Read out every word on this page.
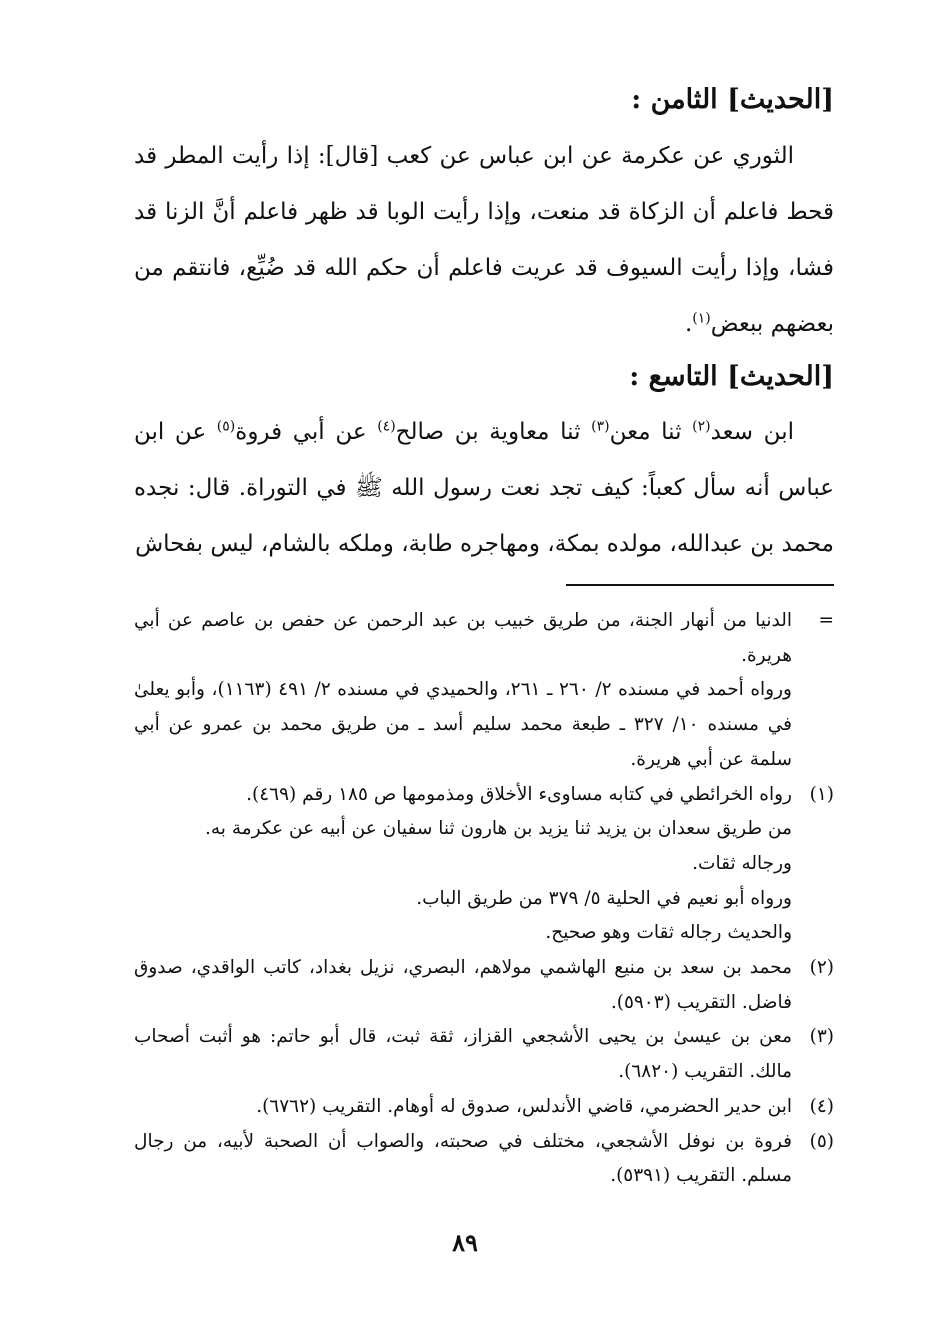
[الحديث] الثامن :

الثوري عن عكرمة عن ابن عباس عن كعب [قال]: إذا رأيت المطر قد قحط فاعلم أن الزكاة قد منعت، وإذا رأيت الوبا قد ظهر فاعلم أنَّ الزنا قد فشا، وإذا رأيت السيوف قد عريت فاعلم أن حكم الله قد ضُيِّع، فانتقم من بعضهم ببعض$^{(١)}$.

[الحديث] التاسع :

ابن سعد$^{(٢)}$ ثنا معن$^{(٣)}$ ثنا معاوية بن صالح$^{(٤)}$ عن أبي فروة$^{(٥)}$ عن ابن عباس أنه سأل كعباً: كيف تجد نعت رسول الله ﷺ في التوراة. قال: نجده محمد بن عبدالله، مولده بمكة، ومهاجره طابة، وملكه بالشام، ليس بفحاش

=
الدنيا من أنهار الجنة، من طريق خبيب بن عبد الرحمن عن حفص بن عاصم عن أبي هريرة.
ورواه أحمد في مسنده ٢/ ٢٦٠ ـ ٢٦١، والحميدي في مسنده ٢/ ٤٩١ (١١٦٣)، وأبو يعلىٰ في مسنده ١٠/ ٣٢٧ ـ طبعة محمد سليم أسد ـ من طريق محمد بن عمرو عن أبي سلمة عن أبي هريرة.
(١)
رواه الخرائطي في كتابه مساوىء الأخلاق ومذمومها ص ١٨٥ رقم (٤٦٩).
من طريق سعدان بن يزيد ثنا يزيد بن هارون ثنا سفيان عن أبيه عن عكرمة به.
ورجاله ثقات.
ورواه أبو نعيم في الحلية ٥/ ٣٧٩ من طريق الباب.
والحديث رجاله ثقات وهو صحيح.
(٢)
محمد بن سعد بن منيع الهاشمي مولاهم، البصري، نزيل بغداد، كاتب الواقدي، صدوق فاضل. التقريب (٥٩٠٣).
(٣)
معن بن عيسىٰ بن يحيى الأشجعي القزاز، ثقة ثبت، قال أبو حاتم: هو أثبت أصحاب مالك. التقريب (٦٨٢٠).
(٤)
ابن حدير الحضرمي، قاضي الأندلس، صدوق له أوهام. التقريب (٦٧٦٢).
(٥)
فروة بن نوفل الأشجعي، مختلف في صحبته، والصواب أن الصحبة لأبيه، من رجال مسلم. التقريب (٥٣٩١).
٨٩
